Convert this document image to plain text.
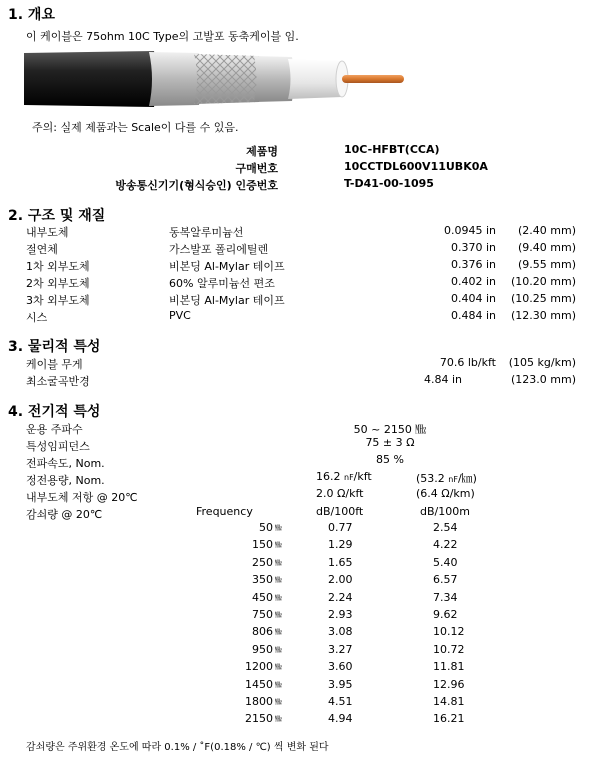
1. 개요
이 케이블은 75ohm 10C Type의 고발포 동축케이블 임.
주의: 실제 제품과는 Scale이 다를 수 있음.
제품명	10C-HFBT(CCA)
구매번호	10CCTDL600V11UBK0A
방송통신기기(형식승인) 인증번호	T-D41-00-1095
2. 구조 및 재질
내부도체	동복알루미늄선	0.0945 in	(2.40 mm)
절연체	가스발포 폴리에틸렌	0.370 in	(9.40 mm)
1차 외부도체	비본딩 Al-Mylar 테이프	0.376 in	(9.55 mm)
2차 외부도체	60% 알루미늄선 편조	0.402 in	(10.20 mm)
3차 외부도체	비본딩 Al-Mylar 테이프	0.404 in	(10.25 mm)
시스	PVC	0.484 in	(12.30 mm)
3. 물리적 특성
케이블 무게	70.6 lb/kft	(105 kg/km)
최소굴곡반경	4.84 in	(123.0 mm)
4. 전기적 특성
운용 주파수	50 ~ 2150 ㎒
특성임피던스	75 ± 3 Ω
전파속도, Nom.	85 %
정전용량, Nom.	16.2 nF/kft	(53.2 nF/㎞)
내부도체 저항 @ 20℃	2.0 Ω/kft	(6.4 Ω/km)
감쇠량 @ 20℃	Frequency	dB/100ft	dB/100m
50 ㎒	0.77	2.54
150 ㎒	1.29	4.22
250 ㎒	1.65	5.40
350 ㎒	2.00	6.57
450 ㎒	2.24	7.34
750 ㎒	2.93	9.62
806 ㎒	3.08	10.12
950 ㎒	3.27	10.72
1200 ㎒	3.60	11.81
1450 ㎒	3.95	12.96
1800 ㎒	4.51	14.81
2150 ㎒	4.94	16.21
감쇠량은 주위환경 온도에 따라 0.1% / ˚F(0.18% / ℃) 씩 변화 된다
